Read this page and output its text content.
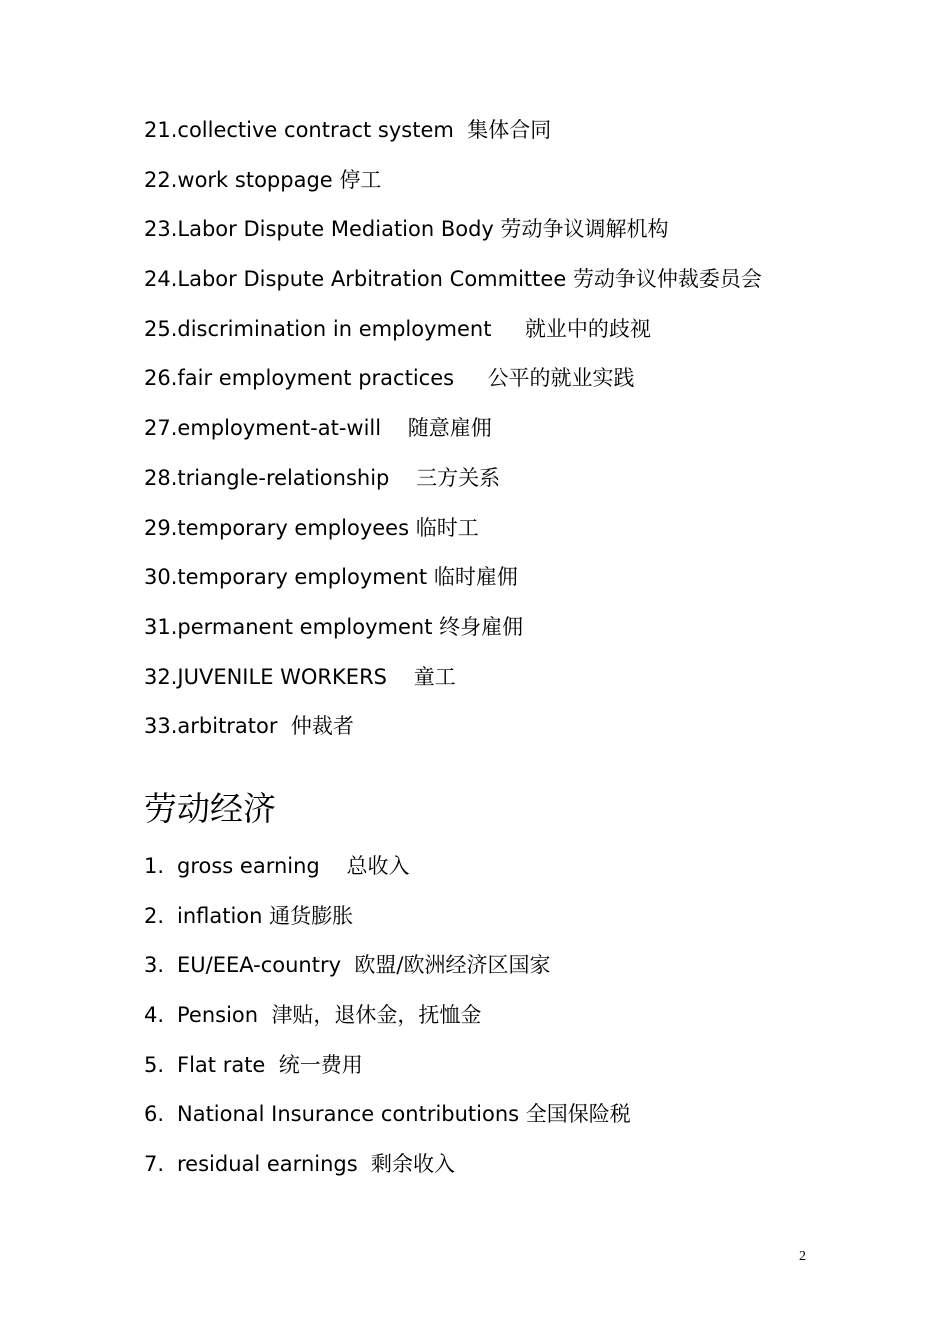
21.collective contract system 集体合同
22.work stoppage 停工
23.Labor Dispute Mediation Body 劳动争议调解机构
24.Labor Dispute Arbitration Committee 劳动争议仲裁委员会
25.discrimination in employment 就业中的歧视
26.fair employment practices 公平的就业实践
27.employment-at-will 随意雇佣
28.triangle-relationship 三方关系
29.temporary employees 临时工
30.temporary employment 临时雇佣
31.permanent employment 终身雇佣
32.JUVENILE WORKERS 童工
33.arbitrator 仲裁者
劳动经济
1. gross earning 总收入
2. inflation 通货膨胀
3. EU/EEA-country 欧盟/欧洲经济区国家
4. Pension 津贴，退休金，抚恤金
5. Flat rate 统一费用
6. National Insurance contributions 全国保险税
7. residual earnings 剩余收入
2
